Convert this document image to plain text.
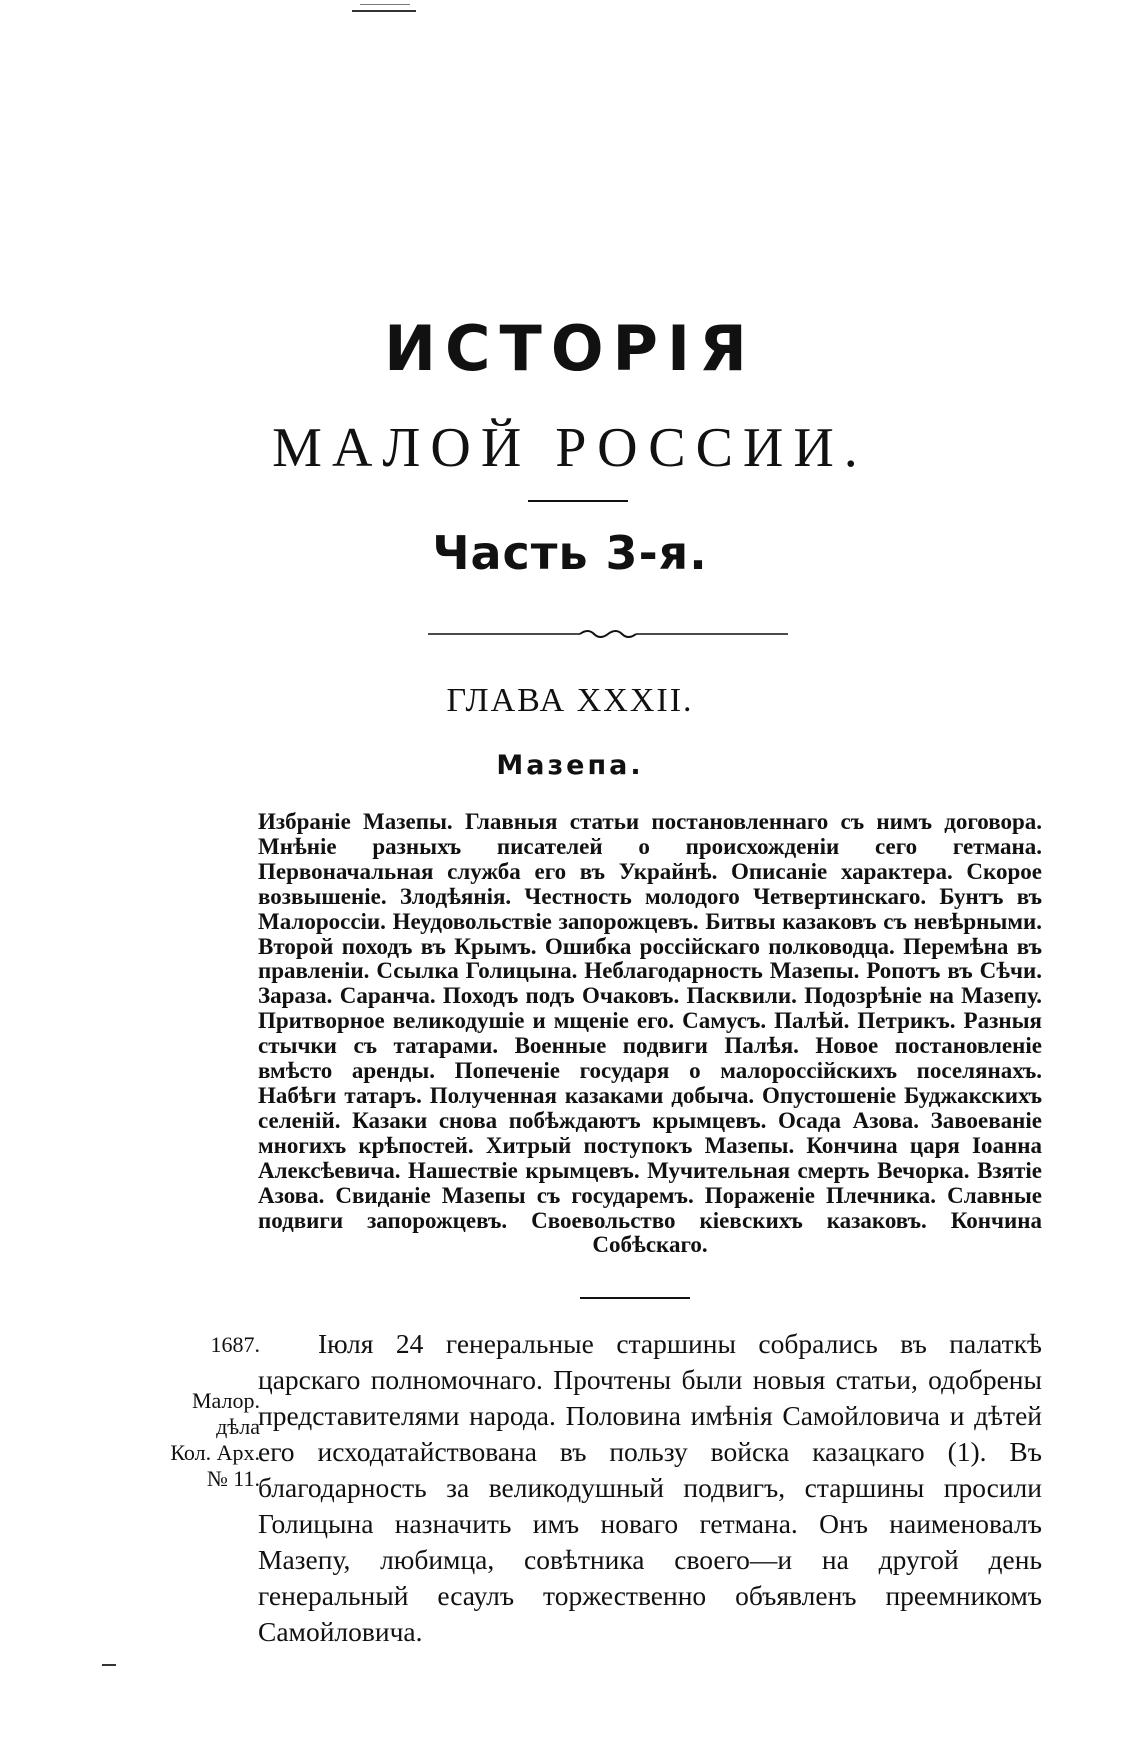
ИСТОРІЯ
МАЛОЙ РОССИИ.
Часть 3-я.
ГЛАВА XXXII.
Мазепа.
Избраніе Мазепы. Главныя статьи постановленнаго съ нимъ договора. Мнѣніе разныхъ писателей о происхожденіи сего гетмана. Первоначальная служба его въ Украйнѣ. Описаніе характера. Скорое возвышеніе. Злодѣянія. Честность молодого Четвертинскаго. Бунтъ въ Малороссіи. Неудовольствіе запорожцевъ. Битвы казаковъ съ невѣрными. Второй походъ въ Крымъ. Ошибка россійскаго полководца. Перемѣна въ правленіи. Ссылка Голицына. Неблагодарность Мазепы. Ропотъ въ Сѣчи. Зараза. Саранча. Походъ подъ Очаковъ. Пасквили. Подозрѣніе на Мазепу. Притворное великодушіе и мщеніе его. Самусъ. Палѣй. Петрикъ. Разныя стычки съ татарами. Военные подвиги Палѣя. Новое постановленіе вмѣсто аренды. Попеченіе государя о малороссійскихъ поселянахъ. Набѣги татаръ. Полученная казаками добыча. Опустошеніе Буджакскихъ селеній. Казаки снова побѣждаютъ крымцевъ. Осада Азова. Завоеваніе многихъ крѣпостей. Хитрый поступокъ Мазепы. Кончина царя Іоанна Алексѣевича. Нашествіе крымцевъ. Мучительная смерть Вечорка. Взятіе Азова. Свиданіе Мазепы съ государемъ. Пораженіе Плечника. Славные подвиги запорожцевъ. Своевольство кіевскихъ казаковъ. Кончина Собѣскаго.
1687.
Малор.
дѣла
Кол. Арх.
№ 11.

Іюля 24 генеральные старшины собрались въ палаткѣ царскаго полномочнаго. Прочтены были новыя статьи, одобрены представителями народа. Половина имѣнія Самойловича и дѣтей его исходатайствована въ пользу войска казацкаго (1). Въ благодарность за великодушный подвигъ, старшины просили Голицына назначить имъ новаго гетмана. Онъ наименовалъ Мазепу, любимца, совѣтника своего—и на другой день генеральный есаулъ торжественно объявленъ преемникомъ Самойловича.
